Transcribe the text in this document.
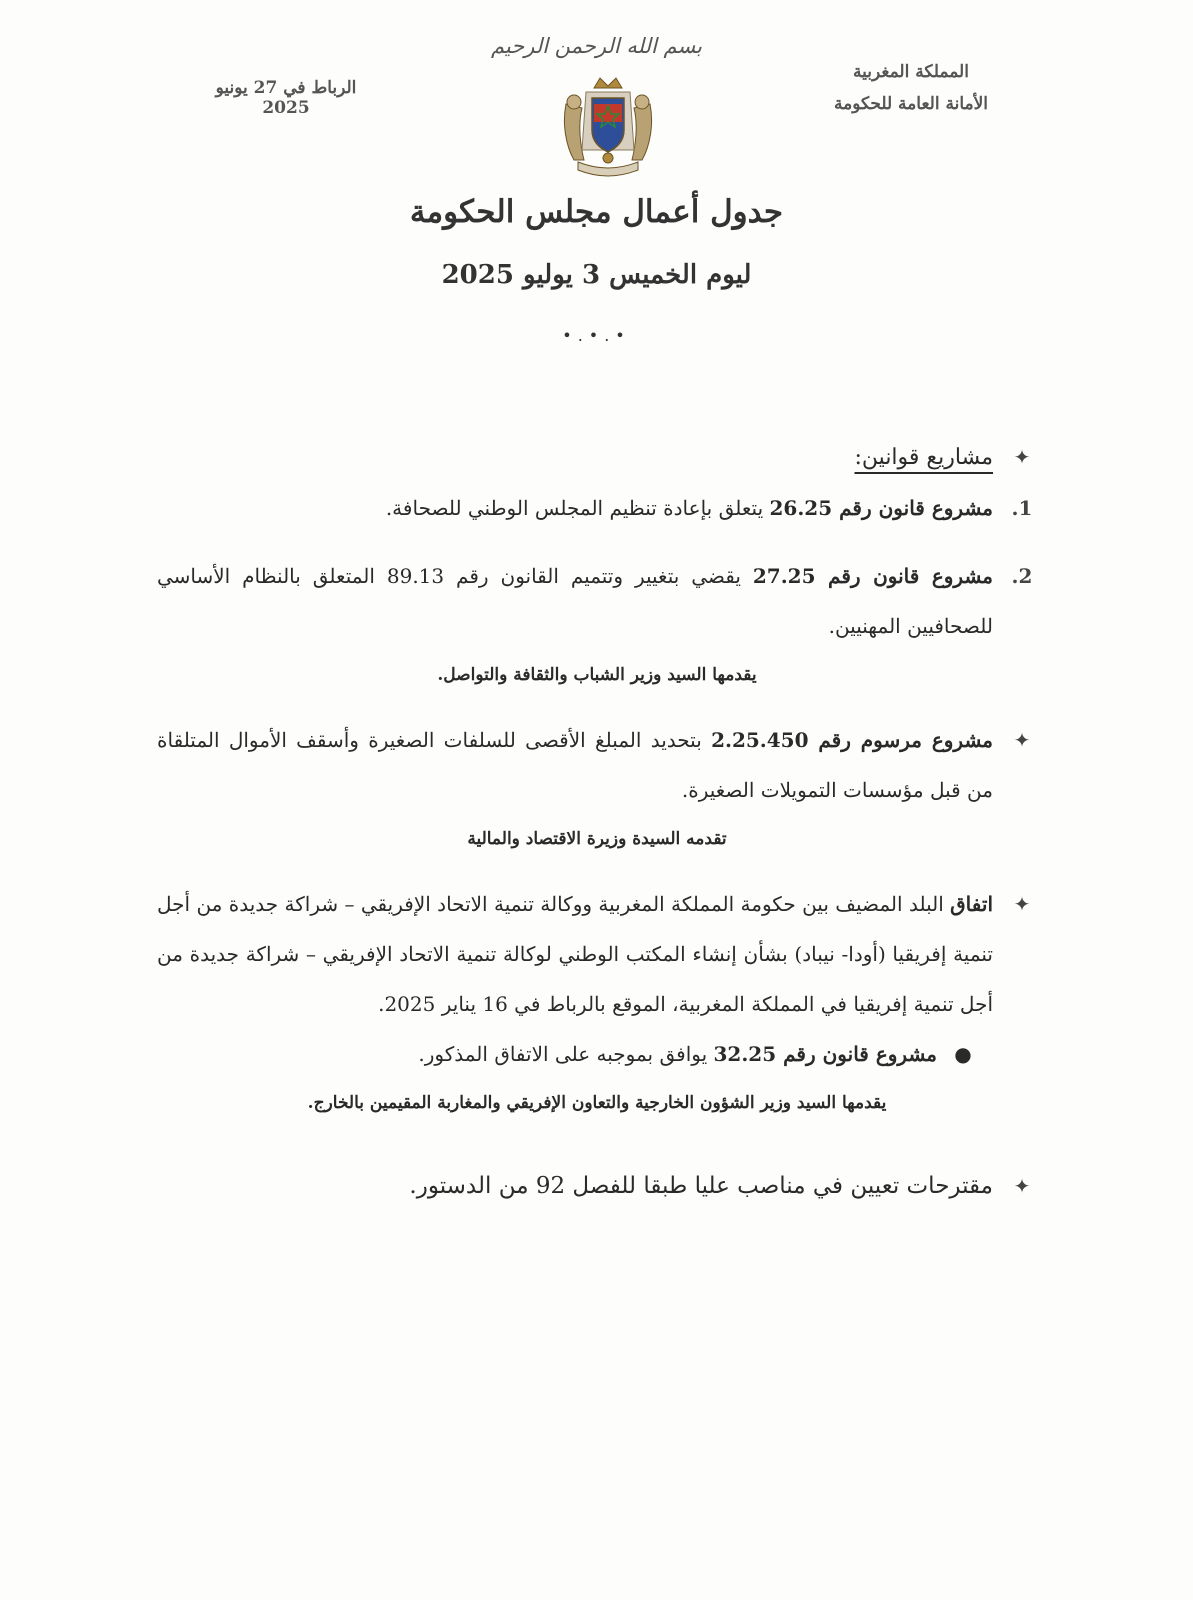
بسم الله الرحمن الرحيم
المملكة المغربية
الأمانة العامة للحكومة
الرباط في 27 يونيو 2025
جدول أعمال مجلس الحكومة
ليوم الخميس 3 يوليو 2025
•.•.•
✦
مشاريع قوانين:
1.
مشروع قانون رقم 26.25 يتعلق بإعادة تنظيم المجلس الوطني للصحافة.
2.
مشروع قانون رقم 27.25 يقضي بتغيير وتتميم القانون رقم 89.13 المتعلق بالنظام الأساسي للصحافيين المهنيين.
يقدمها السيد وزير الشباب والثقافة والتواصل.
✦
مشروع مرسوم رقم 2.25.450 بتحديد المبلغ الأقصى للسلفات الصغيرة وأسقف الأموال المتلقاة من قبل مؤسسات التمويلات الصغيرة.
تقدمه السيدة وزيرة الاقتصاد والمالية
✦
اتفاق البلد المضيف بين حكومة المملكة المغربية ووكالة تنمية الاتحاد الإفريقي – شراكة جديدة من أجل تنمية إفريقيا (أودا- نيباد) بشأن إنشاء المكتب الوطني لوكالة تنمية الاتحاد الإفريقي – شراكة جديدة من أجل تنمية إفريقيا في المملكة المغربية، الموقع بالرباط في 16 يناير 2025.
●
مشروع قانون رقم 32.25 يوافق بموجبه على الاتفاق المذكور.
يقدمها السيد وزير الشؤون الخارجية والتعاون الإفريقي والمغاربة المقيمين بالخارج.
✦
مقترحات تعيين في مناصب عليا طبقا للفصل 92 من الدستور.
